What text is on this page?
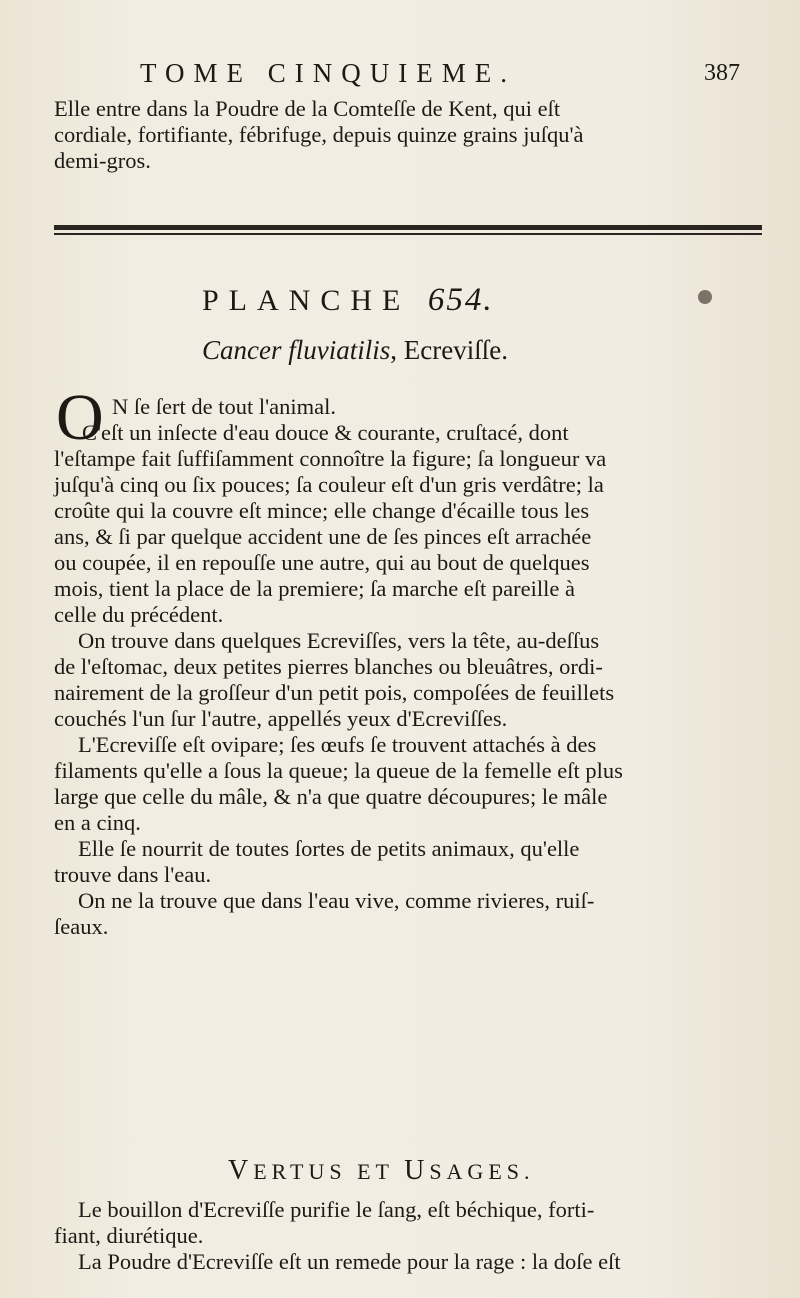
TOME CINQUIEME.	387
Elle entre dans la Poudre de la Comteſſe de Kent, qui eſt
cordiale, fortifiante, fébrifuge, depuis quinze grains juſqu'à
demi-gros.
PLANCHE 654.
Cancer fluviatilis, Ecreviſſe.
O N ſe ſert de tout l'animal.
C'eſt un inſecte d'eau douce & courante, cruſtacé, dont
l'eſtampe fait ſuffiſamment connoître la figure; ſa longueur va
juſqu'à cinq ou ſix pouces; ſa couleur eſt d'un gris verdâtre; la
croûte qui la couvre eſt mince; elle change d'écaille tous les
ans, & ſi par quelque accident une de ſes pinces eſt arrachée
ou coupée, il en repouſſe une autre, qui au bout de quelques
mois, tient la place de la premiere; ſa marche eſt pareille à
celle du précédent.
On trouve dans quelques Ecreviſſes, vers la tête, au-deſſus
de l'eſtomac, deux petites pierres blanches ou bleuâtres, ordi-
nairement de la groſſeur d'un petit pois, compoſées de feuillets
couchés l'un ſur l'autre, appellés yeux d'Ecreviſſes.
L'Ecreviſſe eſt ovipare; ſes œufs ſe trouvent attachés à des
filaments qu'elle a ſous la queue; la queue de la femelle eſt plus
large que celle du mâle, & n'a que quatre découpures; le mâle
en a cinq.
Elle ſe nourrit de toutes ſortes de petits animaux, qu'elle
trouve dans l'eau.
On ne la trouve que dans l'eau vive, comme rivieres, ruiſ-
ſeaux.
VERTUS ET USAGES.
Le bouillon d'Ecreviſſe purifie le ſang, eſt béchique, forti-
fiant, diurétique.
La Poudre d'Ecreviſſe eſt un remede pour la rage : la doſe eſt
